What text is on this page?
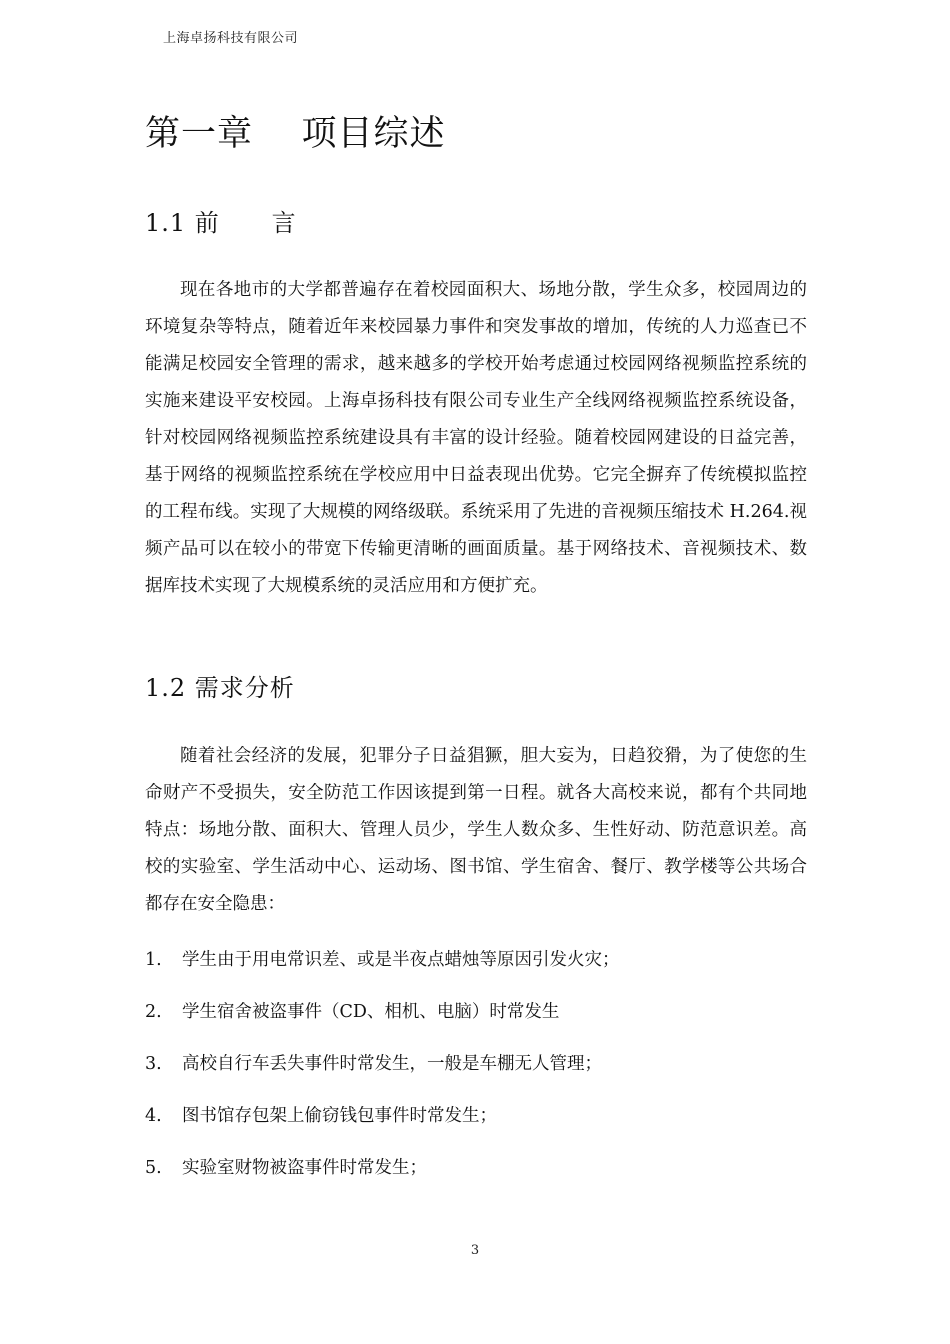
上海卓扬科技有限公司
第一章    项目综述
1.1 前      言

现在各地市的大学都普遍存在着校园面积大、场地分散，学生众多，校园周边的环境复杂等特点，随着近年来校园暴力事件和突发事故的增加，传统的人力巡查已不能满足校园安全管理的需求，越来越多的学校开始考虑通过校园网络视频监控系统的实施来建设平安校园。上海卓扬科技有限公司专业生产全线网络视频监控系统设备，针对校园网络视频监控系统建设具有丰富的设计经验。随着校园网建设的日益完善，基于网络的视频监控系统在学校应用中日益表现出优势。它完全摒弃了传统模拟监控的工程布线。实现了大规模的网络级联。系统采用了先进的音视频压缩技术 H.264.视频产品可以在较小的带宽下传输更清晰的画面质量。基于网络技术、音视频技术、数据库技术实现了大规模系统的灵活应用和方便扩充。

1.2 需求分析

随着社会经济的发展，犯罪分子日益猖獗，胆大妄为，日趋狡猾，为了使您的生命财产不受损失，安全防范工作因该提到第一日程。就各大高校来说，都有个共同地特点：场地分散、面积大、管理人员少，学生人数众多、生性好动、防范意识差。高校的实验室、学生活动中心、运动场、图书馆、学生宿舍、餐厅、教学楼等公共场合都存在安全隐患：

1.	学生由于用电常识差、或是半夜点蜡烛等原因引发火灾；
2.	学生宿舍被盗事件（CD、相机、电脑）时常发生
3.	高校自行车丢失事件时常发生，一般是车棚无人管理；
4.	图书馆存包架上偷窃钱包事件时常发生；
5.	实验室财物被盗事件时常发生；
3
